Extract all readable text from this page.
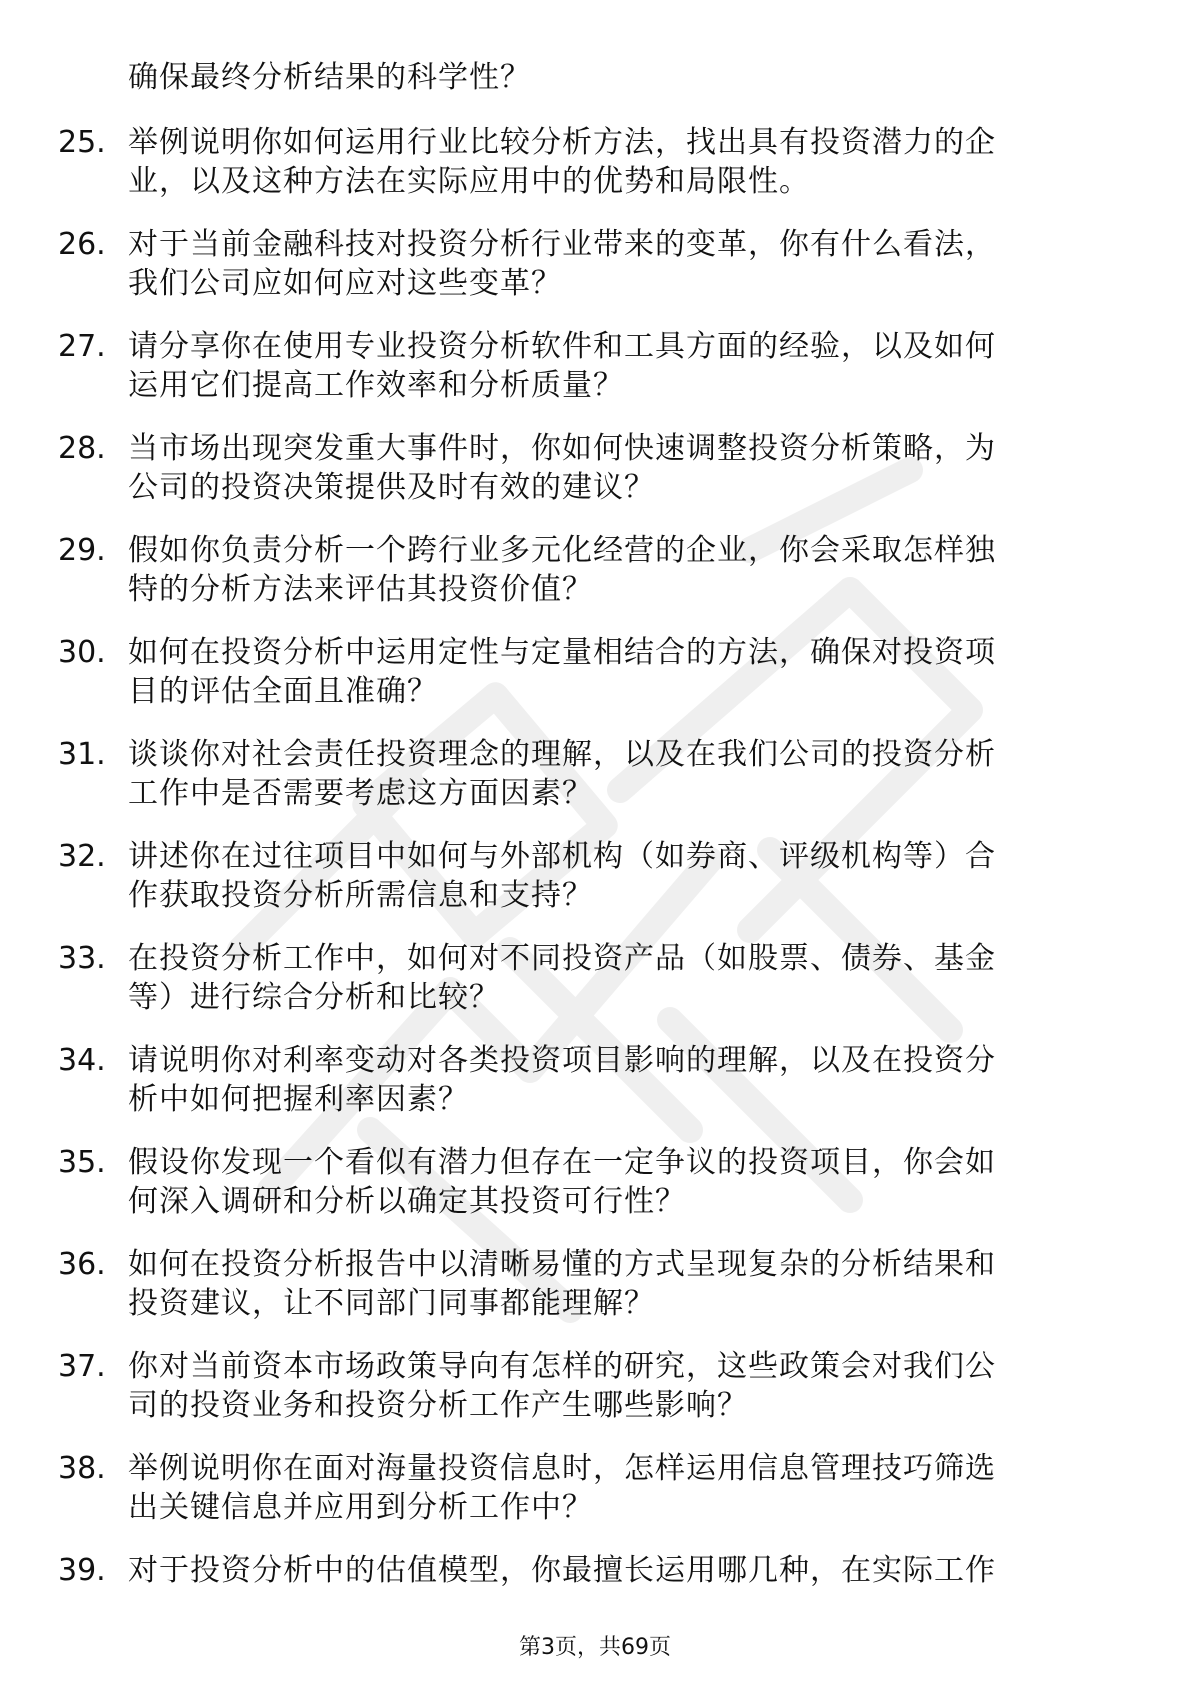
确保最终分析结果的科学性？
25. 举例说明你如何运用行业比较分析方法，找出具有投资潜力的企
业，以及这种方法在实际应用中的优势和局限性。
26. 对于当前金融科技对投资分析行业带来的变革，你有什么看法，
我们公司应如何应对这些变革？
27. 请分享你在使用专业投资分析软件和工具方面的经验，以及如何
运用它们提高工作效率和分析质量？
28. 当市场出现突发重大事件时，你如何快速调整投资分析策略，为
公司的投资决策提供及时有效的建议？
29. 假如你负责分析一个跨行业多元化经营的企业，你会采取怎样独
特的分析方法来评估其投资价值？
30. 如何在投资分析中运用定性与定量相结合的方法，确保对投资项
目的评估全面且准确？
31. 谈谈你对社会责任投资理念的理解，以及在我们公司的投资分析
工作中是否需要考虑这方面因素？
32. 讲述你在过往项目中如何与外部机构（如券商、评级机构等）合
作获取投资分析所需信息和支持？
33. 在投资分析工作中，如何对不同投资产品（如股票、债券、基金
等）进行综合分析和比较？
34. 请说明你对利率变动对各类投资项目影响的理解，以及在投资分
析中如何把握利率因素？
35. 假设你发现一个看似有潜力但存在一定争议的投资项目，你会如
何深入调研和分析以确定其投资可行性？
36. 如何在投资分析报告中以清晰易懂的方式呈现复杂的分析结果和
投资建议，让不同部门同事都能理解？
37. 你对当前资本市场政策导向有怎样的研究，这些政策会对我们公
司的投资业务和投资分析工作产生哪些影响？
38. 举例说明你在面对海量投资信息时，怎样运用信息管理技巧筛选
出关键信息并应用到分析工作中？
39. 对于投资分析中的估值模型，你最擅长运用哪几种，在实际工作
第3页，共69页
